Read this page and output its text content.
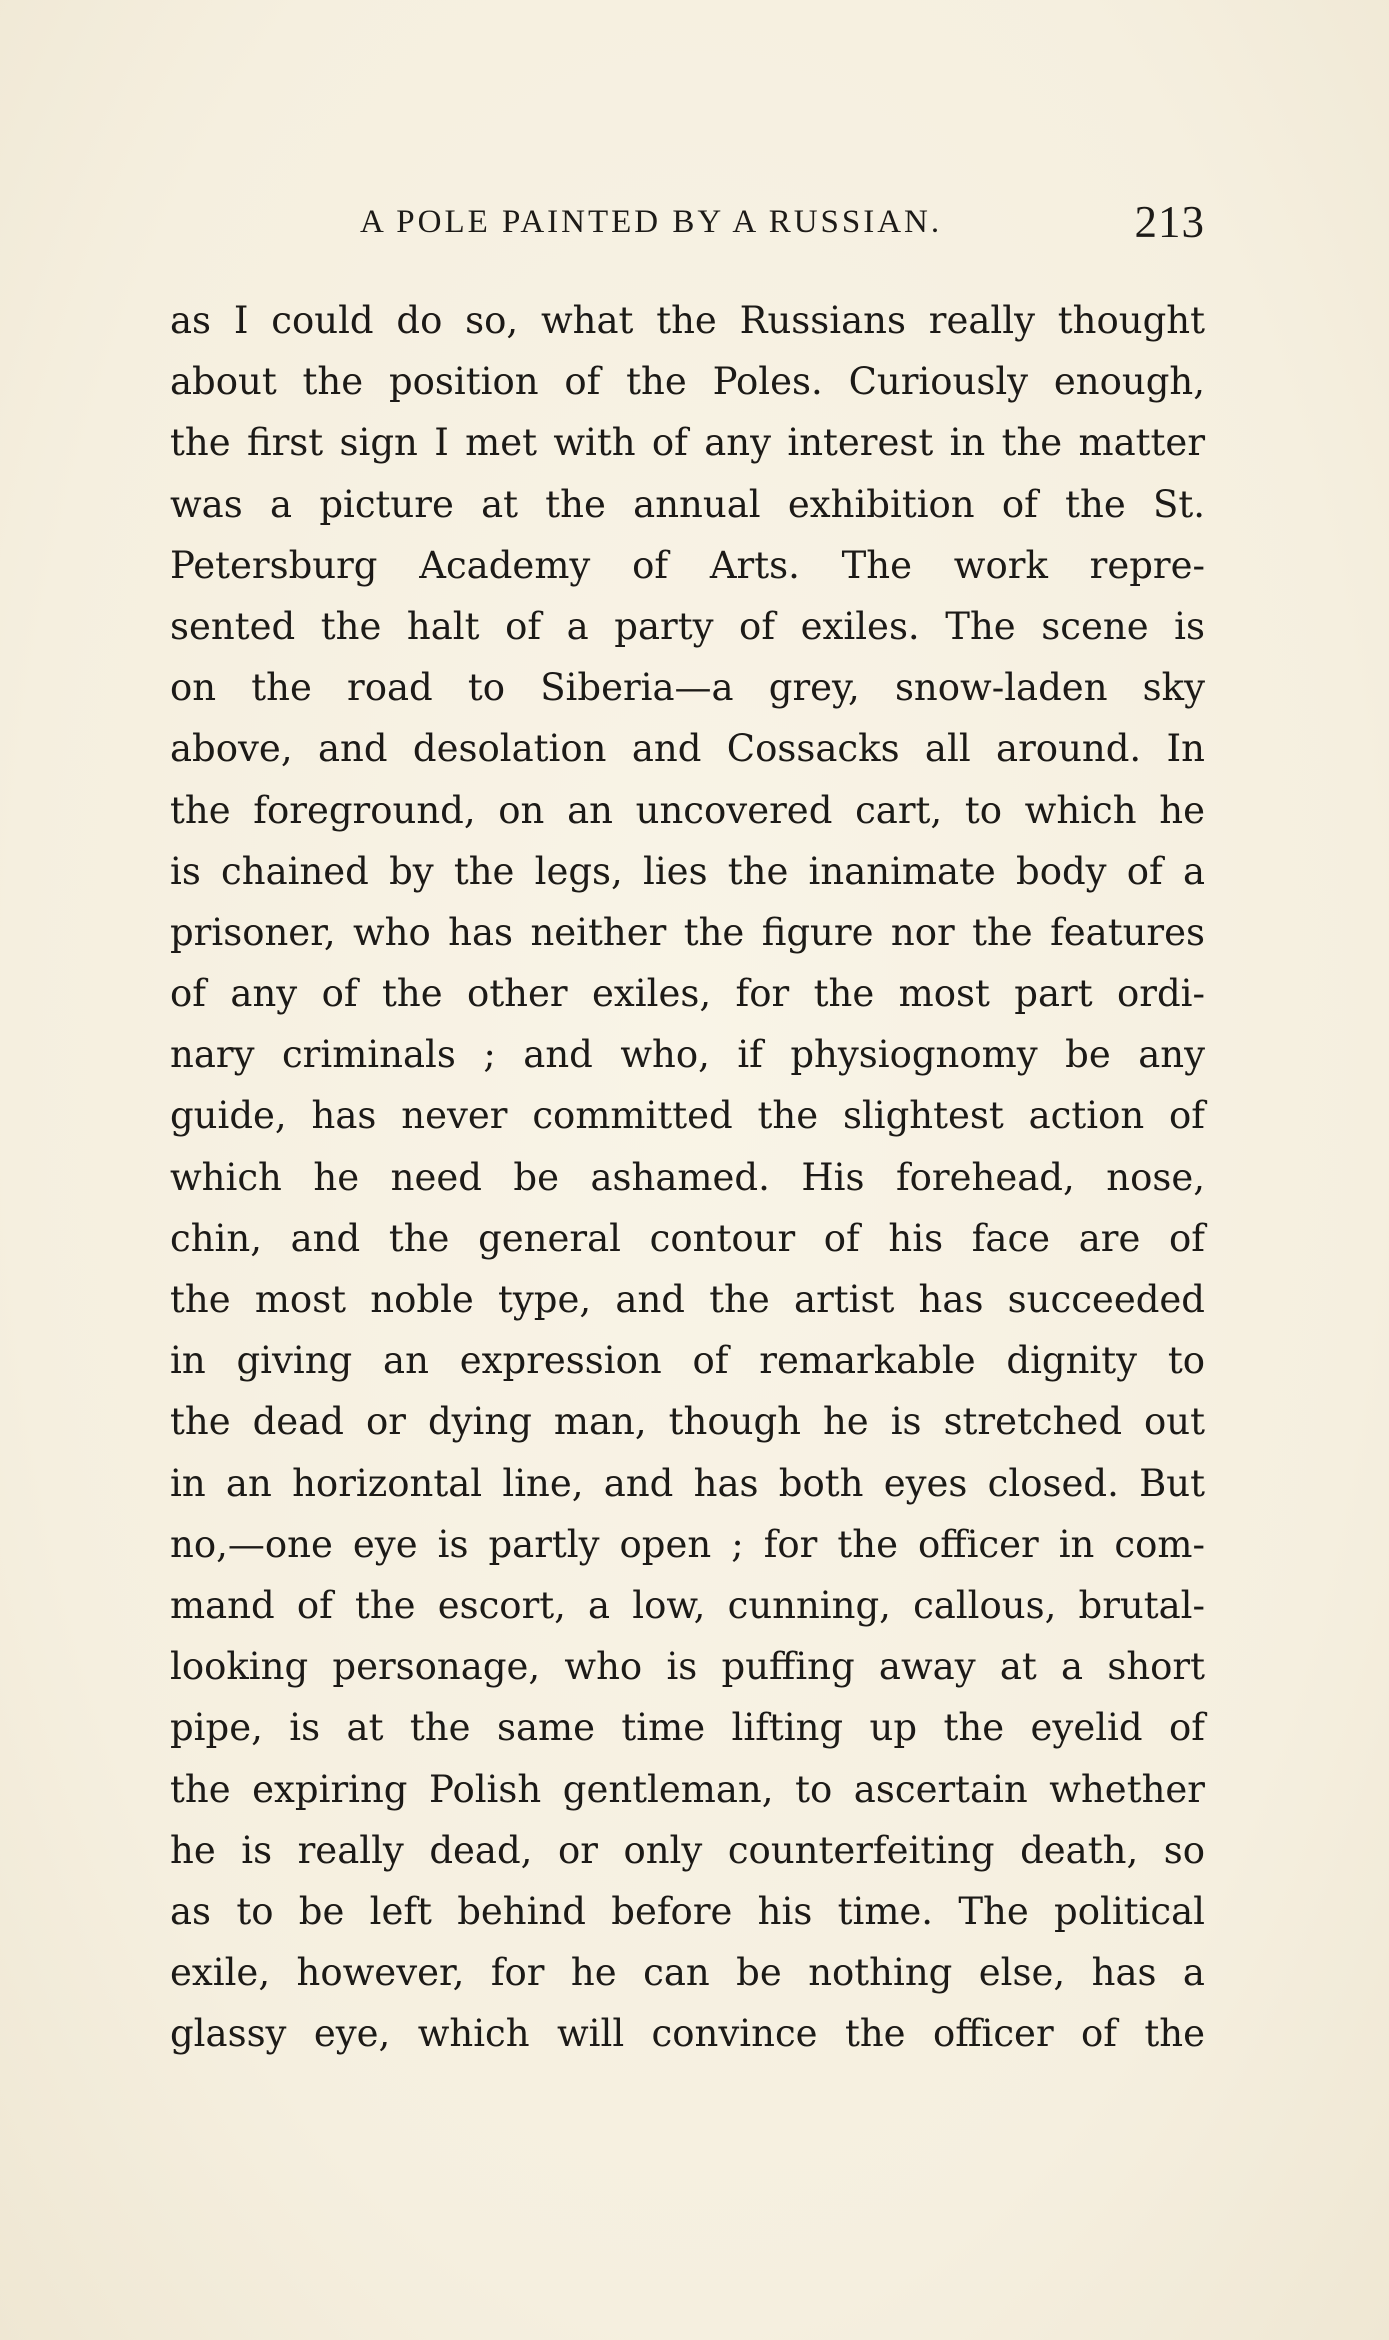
A POLE PAINTED BY A RUSSIAN.	213
as I could do so, what the Russians really thought
about the position of the Poles. Curiously enough,
the first sign I met with of any interest in the matter
was a picture at the annual exhibition of the St.
Petersburg Academy of Arts. The work repre-
sented the halt of a party of exiles. The scene is
on the road to Siberia—a grey, snow-laden sky
above, and desolation and Cossacks all around. In
the foreground, on an uncovered cart, to which he
is chained by the legs, lies the inanimate body of a
prisoner, who has neither the figure nor the features
of any of the other exiles, for the most part ordi-
nary criminals ; and who, if physiognomy be any
guide, has never committed the slightest action of
which he need be ashamed. His forehead, nose,
chin, and the general contour of his face are of
the most noble type, and the artist has succeeded
in giving an expression of remarkable dignity to
the dead or dying man, though he is stretched out
in an horizontal line, and has both eyes closed. But
no,—one eye is partly open ; for the officer in com-
mand of the escort, a low, cunning, callous, brutal-
looking personage, who is puffing away at a short
pipe, is at the same time lifting up the eyelid of
the expiring Polish gentleman, to ascertain whether
he is really dead, or only counterfeiting death, so
as to be left behind before his time. The political
exile, however, for he can be nothing else, has a
glassy eye, which will convince the officer of the
